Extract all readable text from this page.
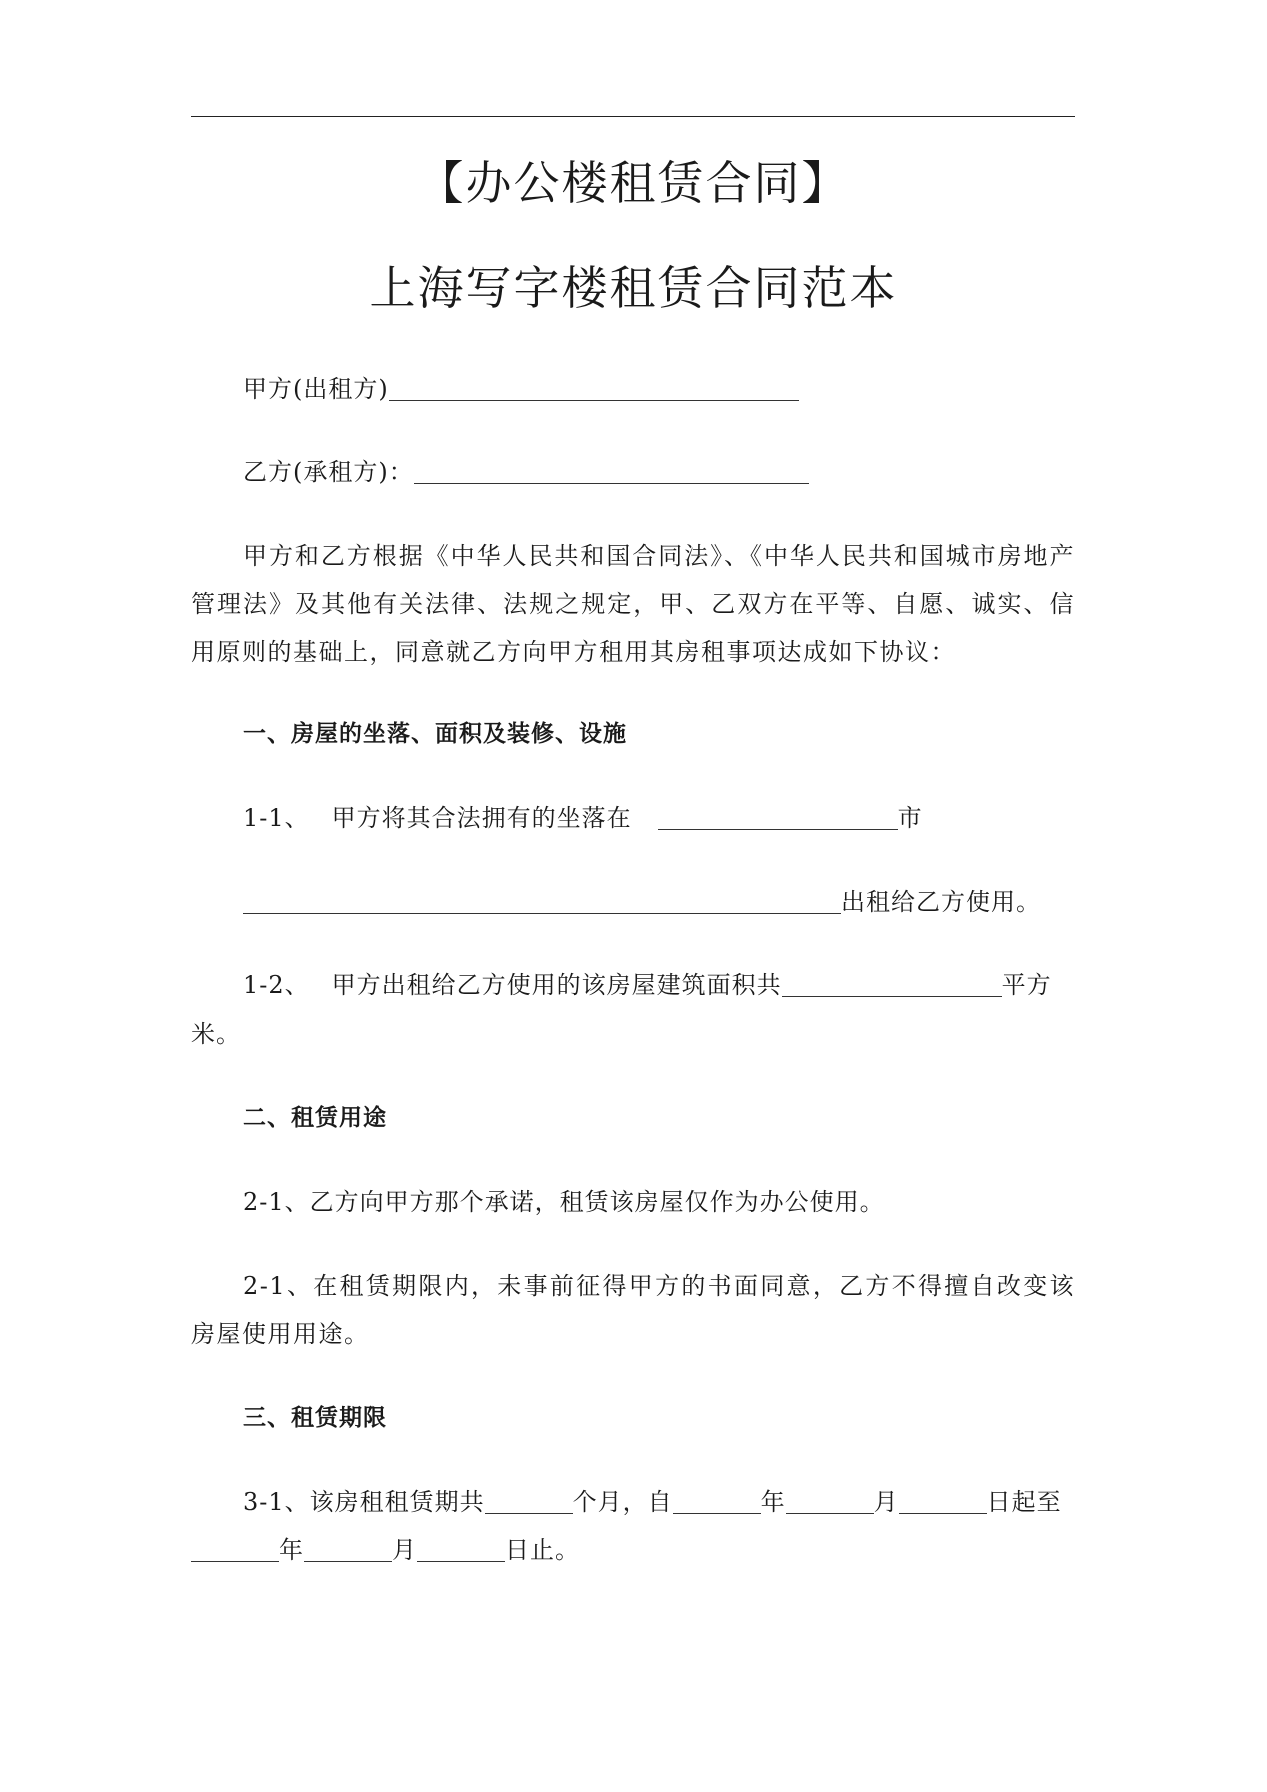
【办公楼租赁合同】
上海写字楼租赁合同范本
甲方(出租方)
乙方(承租方)：
甲方和乙方根据《中华人民共和国合同法》、《中华人民共和国城市房地产管理法》及其他有关法律、法规之规定，甲、乙双方在平等、自愿、诚实、信用原则的基础上，同意就乙方向甲方租用其房租事项达成如下协议：
一、房屋的坐落、面积及装修、设施
1-1、 甲方将其合法拥有的坐落在	市
出租给乙方使用。
1-2、 甲方出租给乙方使用的该房屋建筑面积共	平方
米。
二、租赁用途
2-1、乙方向甲方那个承诺，租赁该房屋仅作为办公使用。
2-1、在租赁期限内，未事前征得甲方的书面同意，乙方不得擅自改变该房屋使用用途。
三、租赁期限
3-1、该房租租赁期共	个月，自	年	月	日起至
年	月	日止。
